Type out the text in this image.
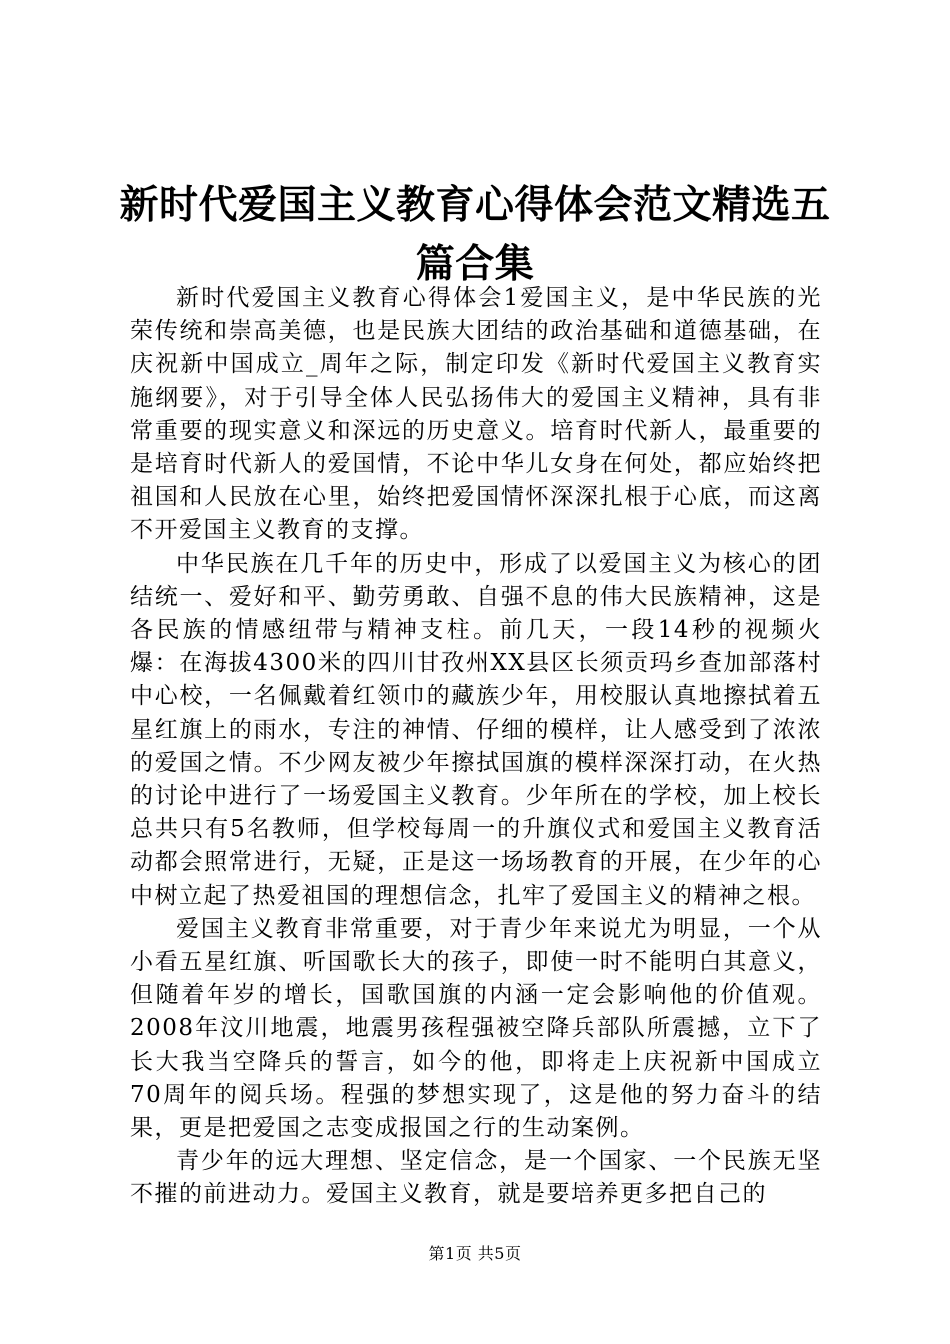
新时代爱国主义教育心得体会范文精选五篇合集

新时代爱国主义教育心得体会1爱国主义，是中华民族的光荣传统和崇高美德，也是民族大团结的政治基础和道德基础，在庆祝新中国成立_周年之际，制定印发《新时代爱国主义教育实施纲要》，对于引导全体人民弘扬伟大的爱国主义精神，具有非常重要的现实意义和深远的历史意义。培育时代新人，最重要的是培育时代新人的爱国情，不论中华儿女身在何处，都应始终把祖国和人民放在心里，始终把爱国情怀深深扎根于心底，而这离不开爱国主义教育的支撑。

中华民族在几千年的历史中，形成了以爱国主义为核心的团结统一、爱好和平、勤劳勇敢、自强不息的伟大民族精神，这是各民族的情感纽带与精神支柱。前几天，一段14秒的视频火爆：在海拔4300米的四川甘孜州XX县区长须贡玛乡查加部落村中心校，一名佩戴着红领巾的藏族少年，用校服认真地擦拭着五星红旗上的雨水，专注的神情、仔细的模样，让人感受到了浓浓的爱国之情。不少网友被少年擦拭国旗的模样深深打动，在火热的讨论中进行了一场爱国主义教育。少年所在的学校，加上校长总共只有5名教师，但学校每周一的升旗仪式和爱国主义教育活动都会照常进行，无疑，正是这一场场教育的开展，在少年的心中树立起了热爱祖国的理想信念，扎牢了爱国主义的精神之根。

爱国主义教育非常重要，对于青少年来说尤为明显，一个从小看五星红旗、听国歌长大的孩子，即使一时不能明白其意义，但随着年岁的增长，国歌国旗的内涵一定会影响他的价值观。2008年汶川地震，地震男孩程强被空降兵部队所震撼，立下了长大我当空降兵的誓言，如今的他，即将走上庆祝新中国成立70周年的阅兵场。程强的梦想实现了，这是他的努力奋斗的结果，更是把爱国之志变成报国之行的生动案例。

青少年的远大理想、坚定信念，是一个国家、一个民族无坚不摧的前进动力。爱国主义教育，就是要培养更多把自己的

第1页 共5页
